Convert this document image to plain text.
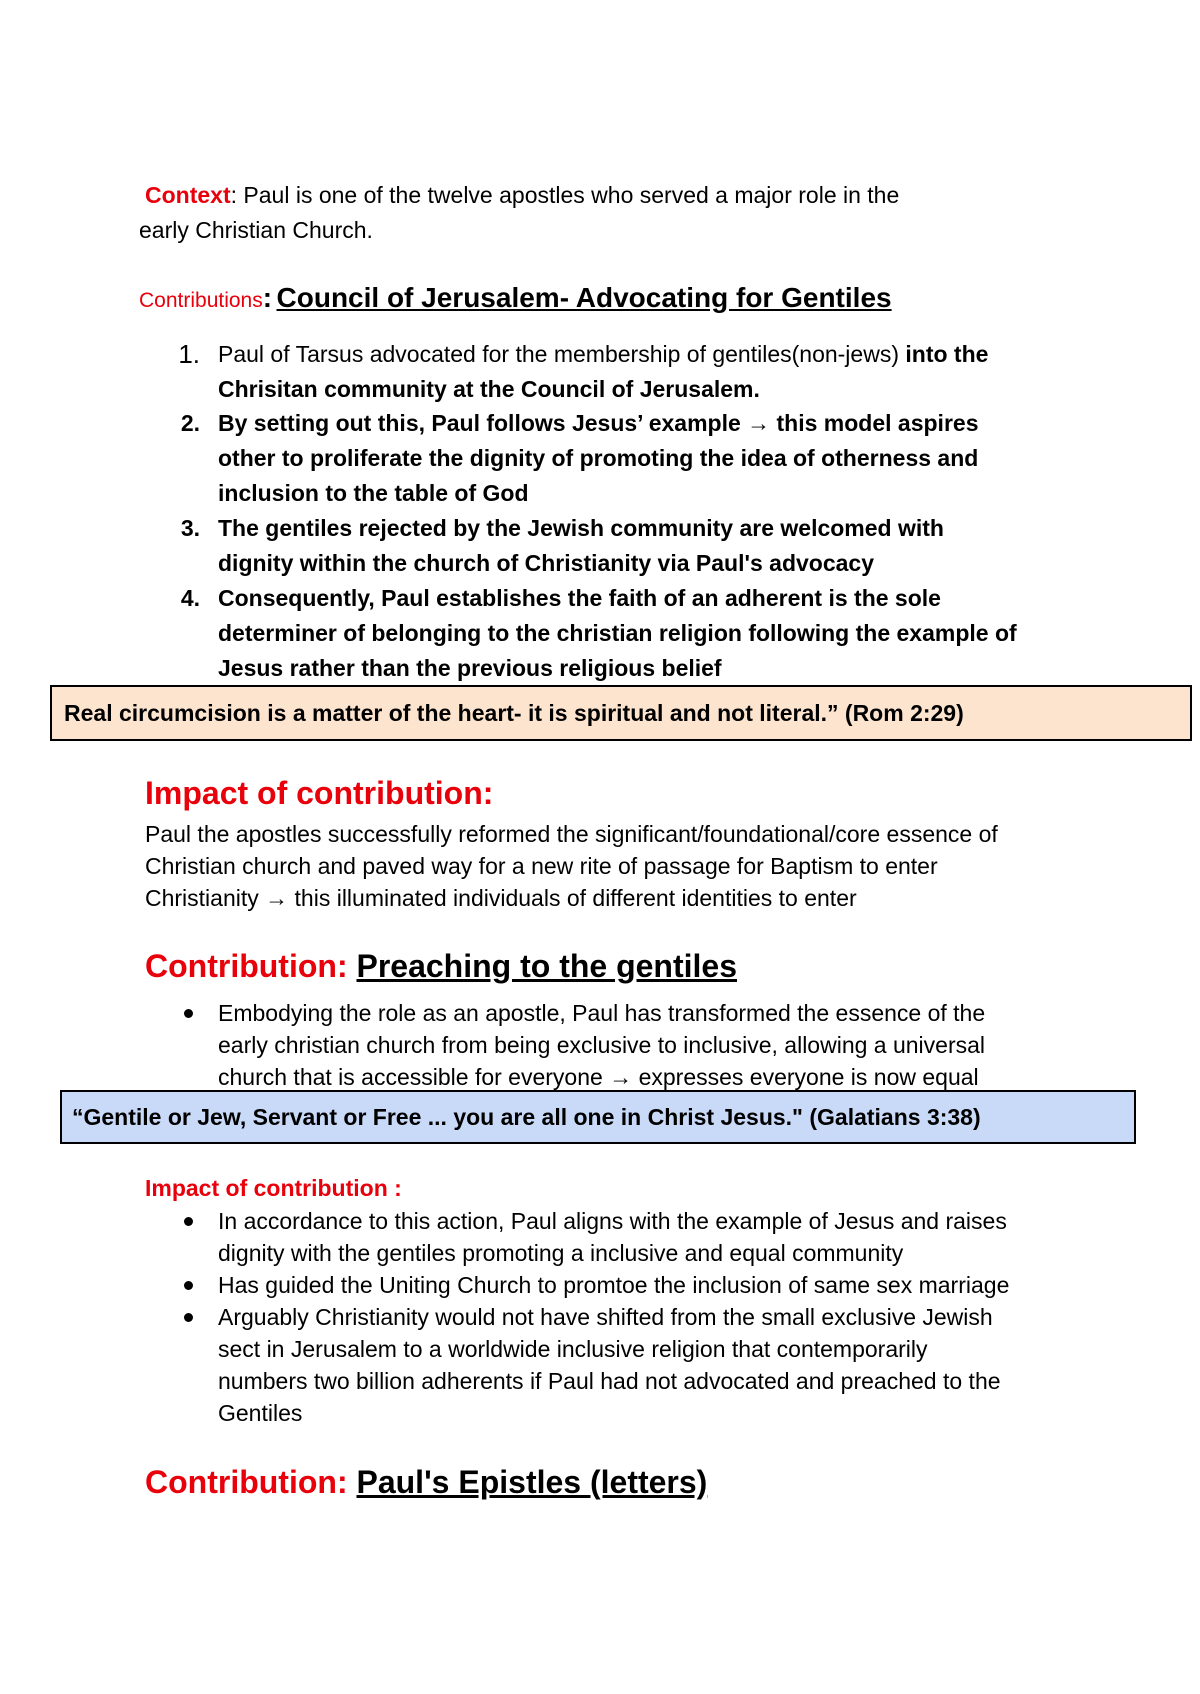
Context: Paul is one of the twelve apostles who served a major role in the
early Christian Church.
Contributions: Council of Jerusalem- Advocating for Gentiles
1. Paul of Tarsus advocated for the membership of gentiles(non-jews) into the
Chrisitan community at the Council of Jerusalem.
2. By setting out this, Paul follows Jesus’ example → this model aspires
other to proliferate the dignity of promoting the idea of otherness and
inclusion to the table of God
3. The gentiles rejected by the Jewish community are welcomed with
dignity within the church of Christianity via Paul's advocacy
4. Consequently, Paul establishes the faith of an adherent is the sole
determiner of belonging to the christian religion following the example of
Jesus rather than the previous religious belief
Real circumcision is a matter of the heart- it is spiritual and not literal.” (Rom 2:29)
Impact of contribution:
Paul the apostles successfully reformed the significant/foundational/core essence of
Christian church and paved way for a new rite of passage for Baptism to enter
Christianity → this illuminated individuals of different identities to enter
Contribution: Preaching to the gentiles
Embodying the role as an apostle, Paul has transformed the essence of the
early christian church from being exclusive to inclusive, allowing a universal
church that is accessible for everyone → expresses everyone is now equal
“Gentile or Jew, Servant or Free ... you are all one in Christ Jesus." (Galatians 3:38)
Impact of contribution :
In accordance to this action, Paul aligns with the example of Jesus and raises
dignity with the gentiles promoting a inclusive and equal community
Has guided the Uniting Church to promtoe the inclusion of same sex marriage
Arguably Christianity would not have shifted from the small exclusive Jewish
sect in Jerusalem to a worldwide inclusive religion that contemporarily
numbers two billion adherents if Paul had not advocated and preached to the
Gentiles
Contribution: Paul's Epistles (letters)
